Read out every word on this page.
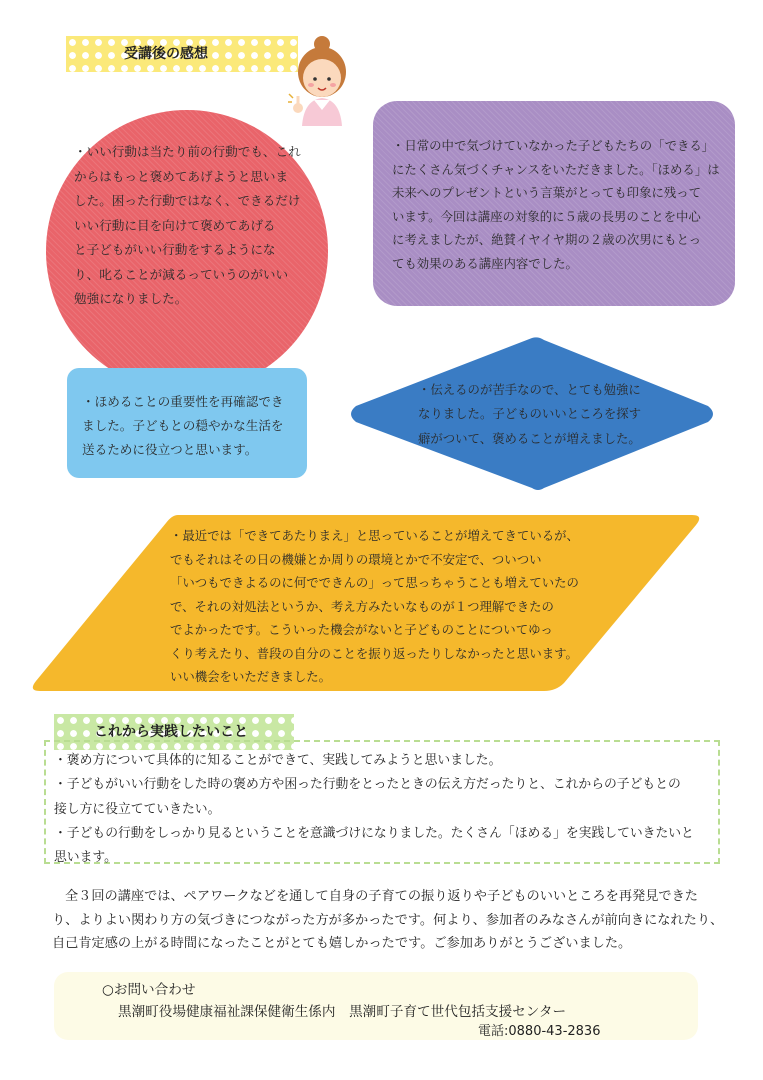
受講後の感想
・いい行動は当たり前の行動でも、これ
からはもっと褒めてあげようと思いま
した。困った行動ではなく、できるだけ
いい行動に目を向けて褒めてあげる
と子どもがいい行動をするようにな
り、叱ることが減るっていうのがいい
勉強になりました。
・日常の中で気づけていなかった子どもたちの「できる」
にたくさん気づくチャンスをいただきました。「ほめる」は
未来へのプレゼントという言葉がとっても印象に残って
います。今回は講座の対象的に５歳の長男のことを中心
に考えましたが、絶賛イヤイヤ期の２歳の次男にもとっ
ても効果のある講座内容でした。
・ほめることの重要性を再確認でき
ました。子どもとの穏やかな生活を
送るために役立つと思います。
・伝えるのが苦手なので、とても勉強に
なりました。子どものいいところを探す
癖がついて、褒めることが増えました。
・最近では「できてあたりまえ」と思っていることが増えてきているが、
でもそれはその日の機嫌とか周りの環境とかで不安定で、ついつい
「いつもできよるのに何でできんの」って思っちゃうことも増えていたの
で、それの対処法というか、考え方みたいなものが１つ理解できたの
でよかったです。こういった機会がないと子どものことについてゆっ
くり考えたり、普段の自分のことを振り返ったりしなかったと思います。
いい機会をいただきました。
これから実践したいこと
・褒め方について具体的に知ることができて、実践してみようと思いました。
・子どもがいい行動をした時の褒め方や困った行動をとったときの伝え方だったりと、これからの子どもとの
接し方に役立てていきたい。
・子どもの行動をしっかり見るということを意識づけになりました。たくさん「ほめる」を実践していきたいと
思います。
全３回の講座では、ペアワークなどを通して自身の子育ての振り返りや子どものいいところを再発見できたり、よりよい関わり方の気づきにつながった方が多かったです。何より、参加者のみなさんが前向きになれたり、自己肯定感の上がる時間になったことがとても嬉しかったです。ご参加ありがとうございました。
○お問い合わせ
黒潮町役場健康福祉課保健衛生係内　黒潮町子育て世代包括支援センター
電話:0880-43-2836
